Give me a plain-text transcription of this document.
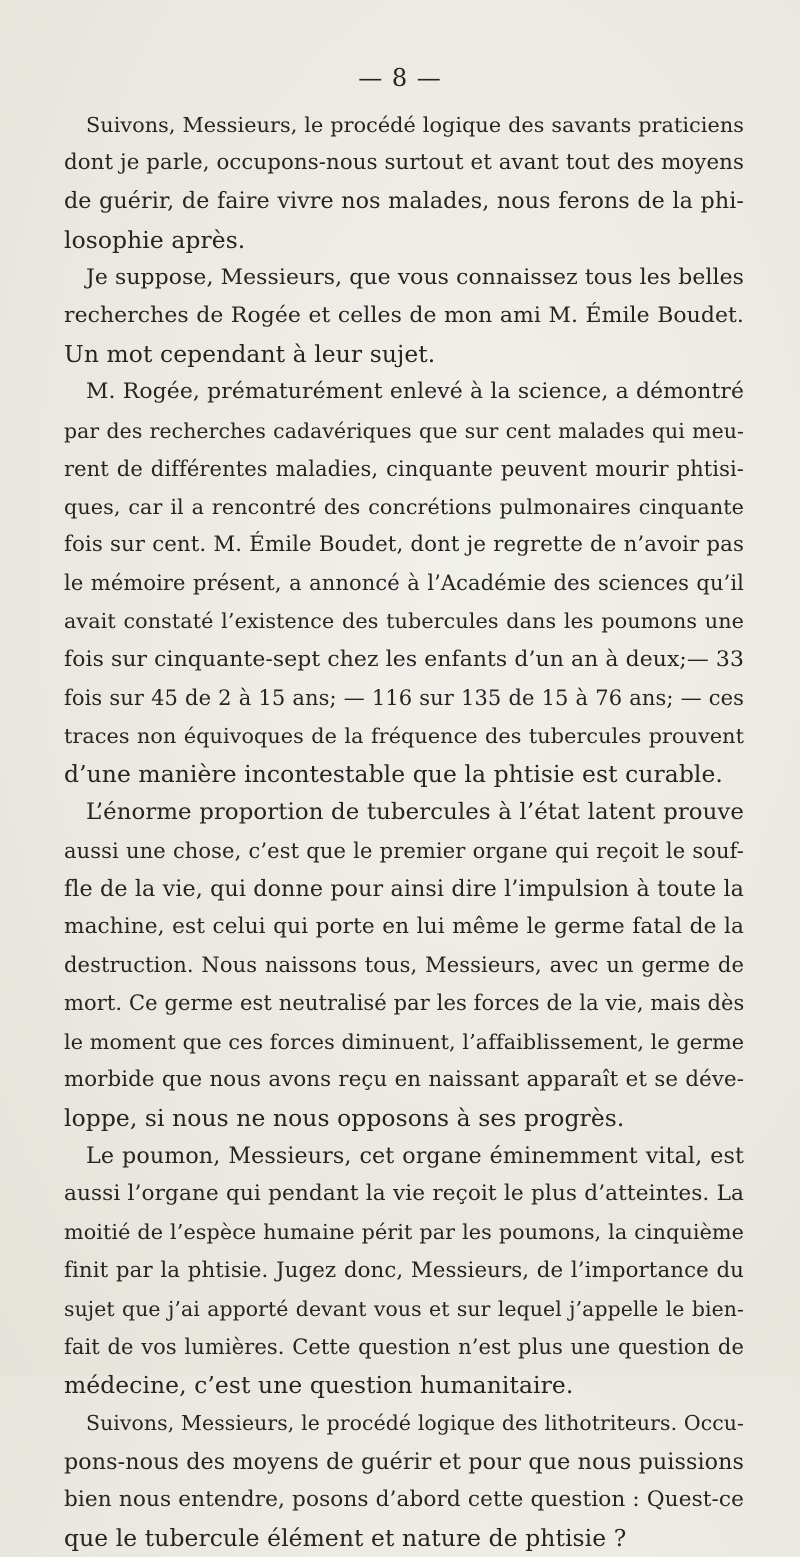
— 8 —
Suivons, Messieurs, le procédé logique des savants praticiens
dont je parle, occupons-nous surtout et avant tout des moyens
de guérir, de faire vivre nos malades, nous ferons de la phi-
losophie après.
Je suppose, Messieurs, que vous connaissez tous les belles
recherches de Rogée et celles de mon ami M. Émile Boudet.
Un mot cependant à leur sujet.
M. Rogée, prématurément enlevé à la science, a démontré
par des recherches cadavériques que sur cent malades qui meu-
rent de différentes maladies, cinquante peuvent mourir phtisi-
ques, car il a rencontré des concrétions pulmonaires cinquante
fois sur cent. M. Émile Boudet, dont je regrette de n’avoir pas
le mémoire présent, a annoncé à l’Académie des sciences qu’il
avait constaté l’existence des tubercules dans les poumons une
fois sur cinquante-sept chez les enfants d’un an à deux;— 33
fois sur 45 de 2 à 15 ans; — 116 sur 135 de 15 à 76 ans; — ces
traces non équivoques de la fréquence des tubercules prouvent
d’une manière incontestable que la phtisie est curable.
L’énorme proportion de tubercules à l’état latent prouve
aussi une chose, c’est que le premier organe qui reçoit le souf-
fle de la vie, qui donne pour ainsi dire l’impulsion à toute la
machine, est celui qui porte en lui même le germe fatal de la
destruction. Nous naissons tous, Messieurs, avec un germe de
mort. Ce germe est neutralisé par les forces de la vie, mais dès
le moment que ces forces diminuent, l’affaiblissement, le germe
morbide que nous avons reçu en naissant apparaît et se déve-
loppe, si nous ne nous opposons à ses progrès.
Le poumon, Messieurs, cet organe éminemment vital, est
aussi l’organe qui pendant la vie reçoit le plus d’atteintes. La
moitié de l’espèce humaine périt par les poumons, la cinquième
finit par la phtisie. Jugez donc, Messieurs, de l’importance du
sujet que j’ai apporté devant vous et sur lequel j’appelle le bien-
fait de vos lumières. Cette question n’est plus une question de
médecine, c’est une question humanitaire.
Suivons, Messieurs, le procédé logique des lithotriteurs. Occu-
pons-nous des moyens de guérir et pour que nous puissions
bien nous entendre, posons d’abord cette question : Quest-ce
que le tubercule élément et nature de phtisie ?
